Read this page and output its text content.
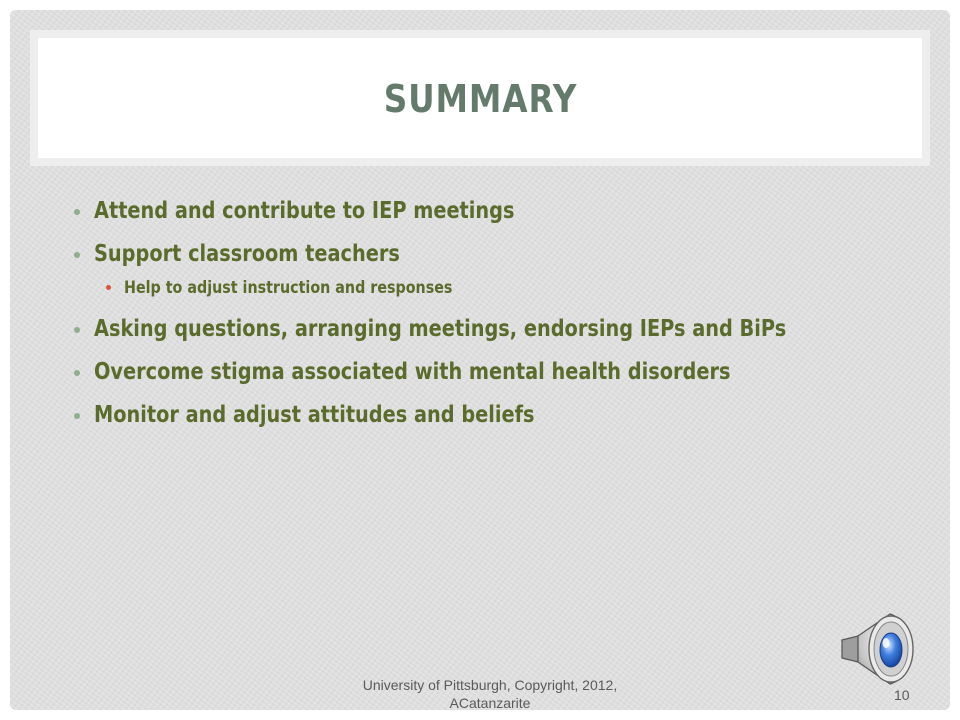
SUMMARY
Attend and contribute to IEP meetings
Support classroom teachers
Help to adjust instruction and responses
Asking questions, arranging meetings, endorsing IEPs and BiPs
Overcome stigma associated with mental health disorders
Monitor and adjust attitudes and beliefs
University of Pittsburgh, Copyright, 2012, ACatanzarite	10
